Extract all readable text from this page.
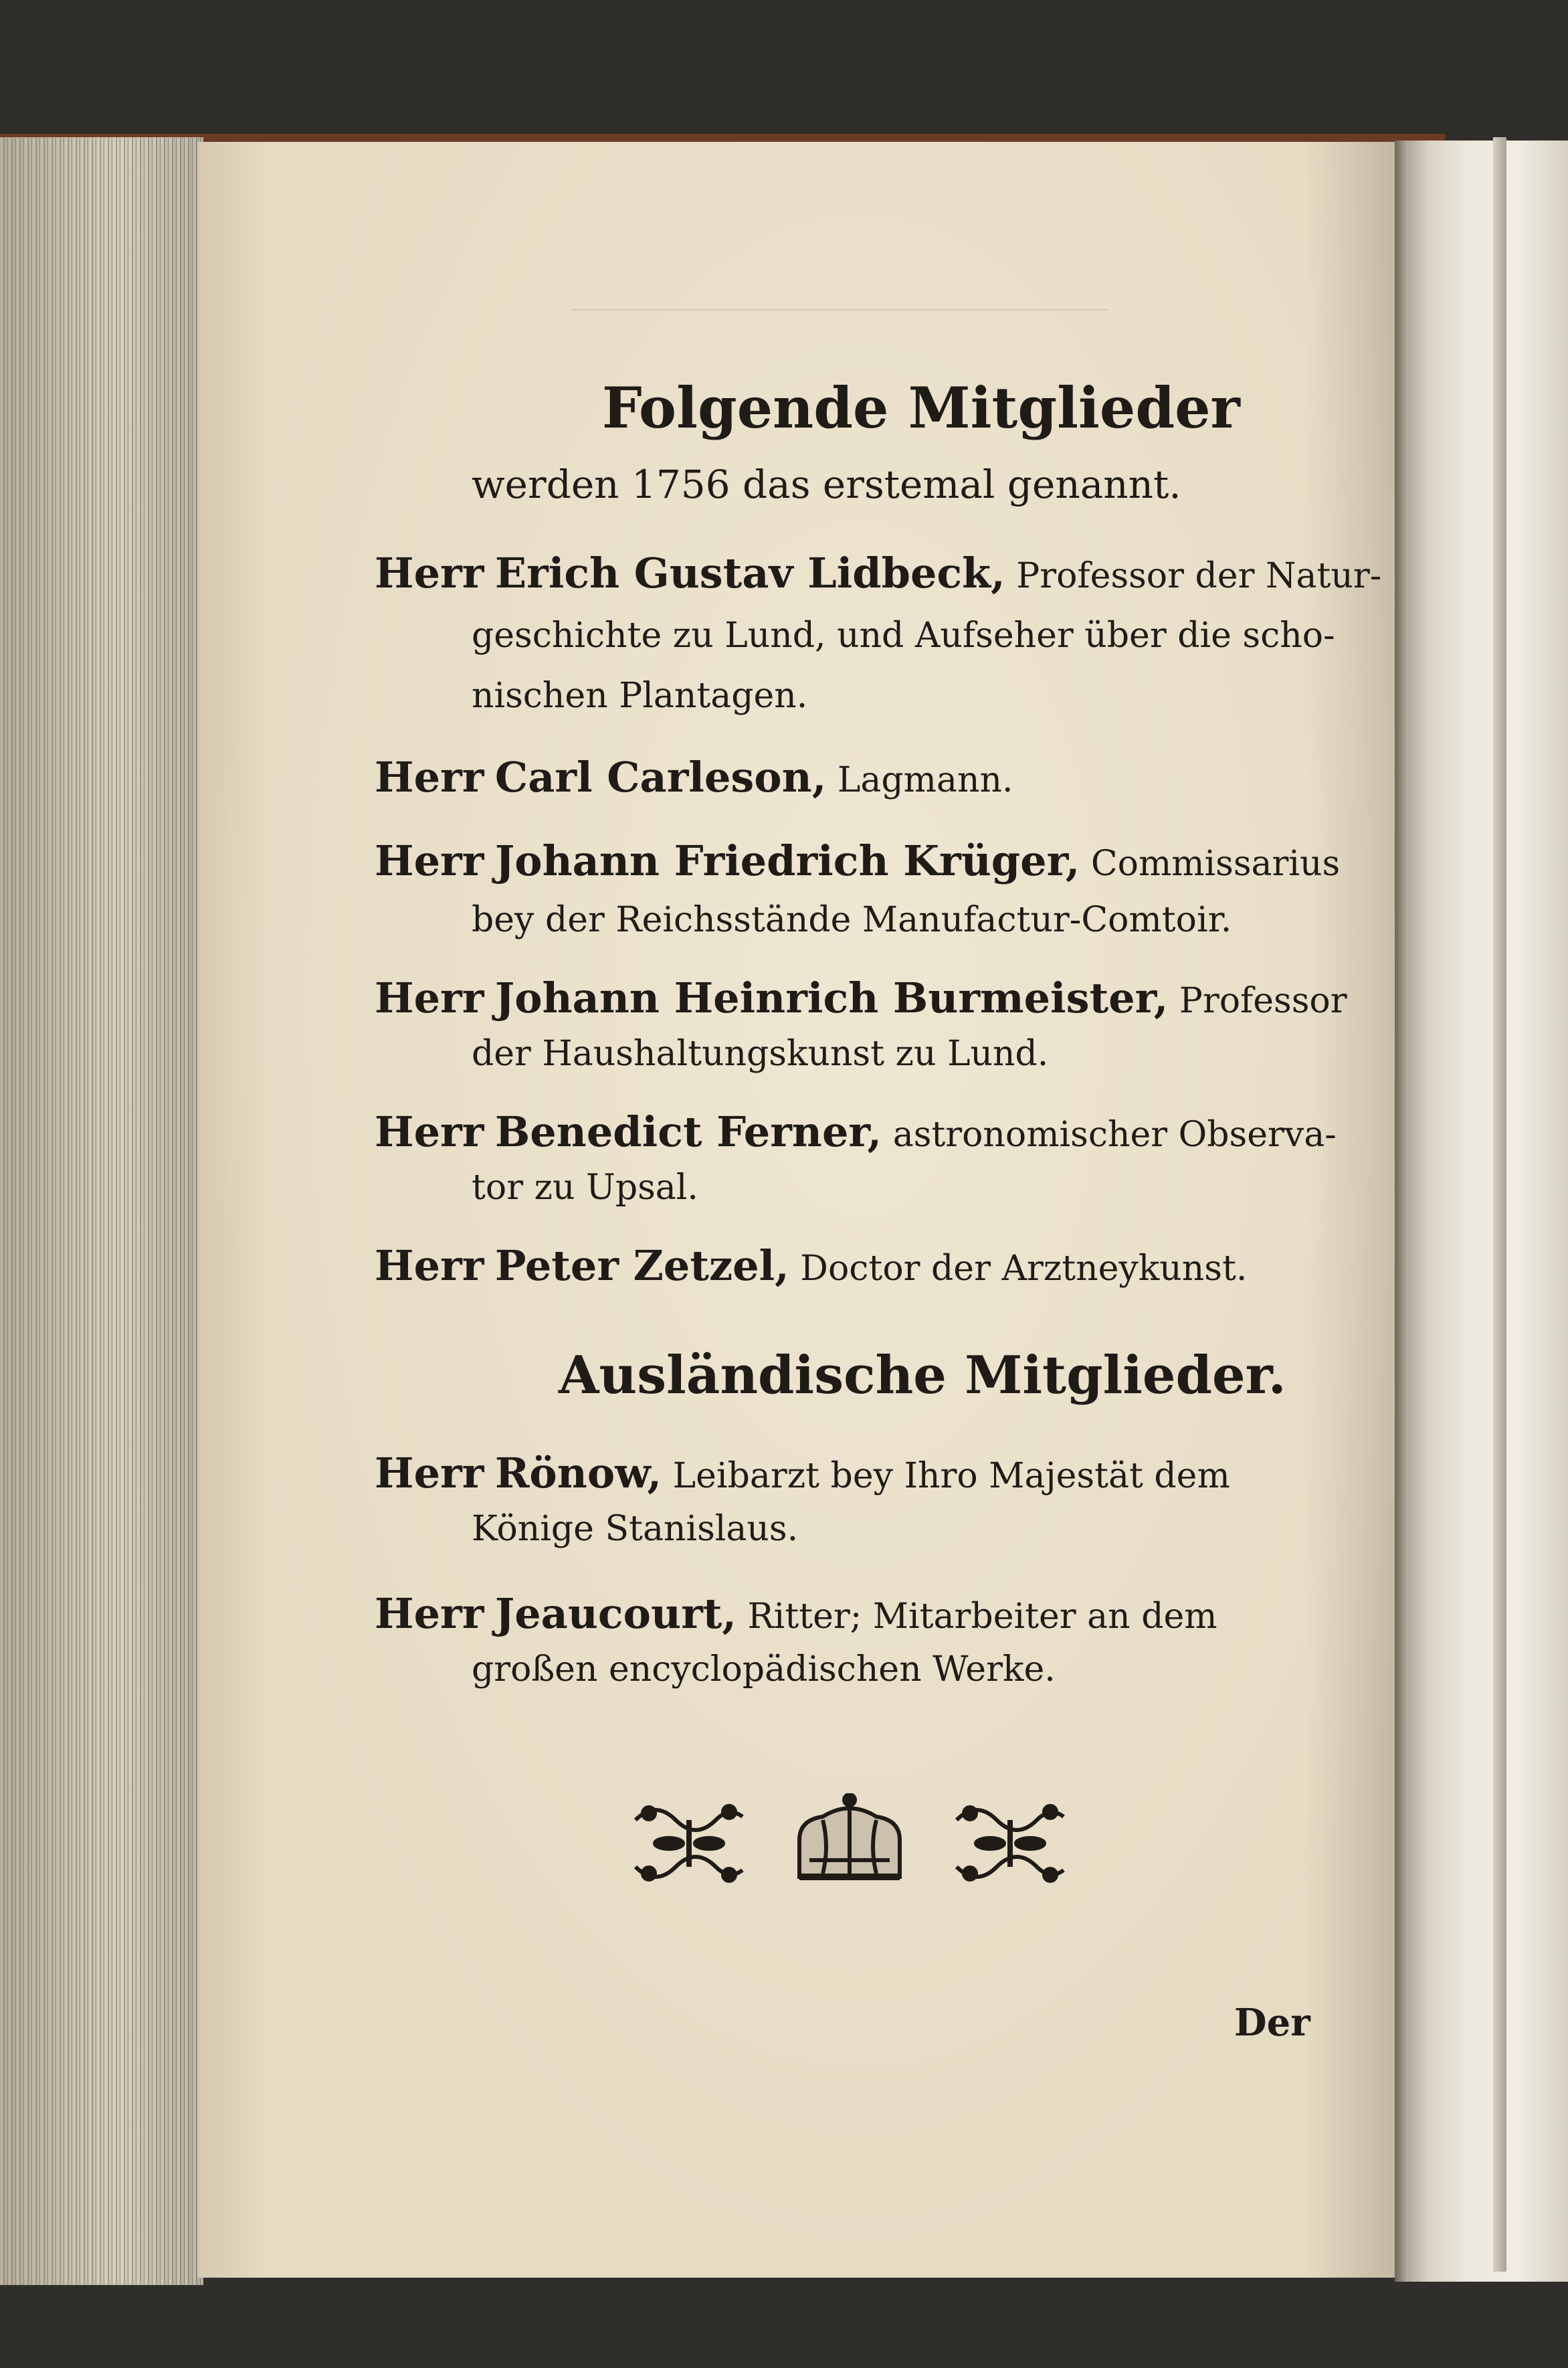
Folgende Mitglieder
werden 1756 das erstemal genannt.
Herr Erich Gustav Lidbeck, Professor der Natur-
geschichte zu Lund, und Aufseher über die scho-
nischen Plantagen.
Herr Carl Carleson, Lagmann.
Herr Johann Friedrich Krüger, Commissarius
bey der Reichsstände Manufactur-Comtoir.
Herr Johann Heinrich Burmeister, Professor
der Haushaltungskunst zu Lund.
Herr Benedict Ferner, astronomischer Observa-
tor zu Upsal.
Herr Peter Zetzel, Doctor der Arztneykunst.
Ausländische Mitglieder.
Herr Rönow, Leibarzt bey Ihro Majestät dem
Könige Stanislaus.
Herr Jeaucourt, Ritter; Mitarbeiter an dem
großen encyclopädischen Werke.
Der
